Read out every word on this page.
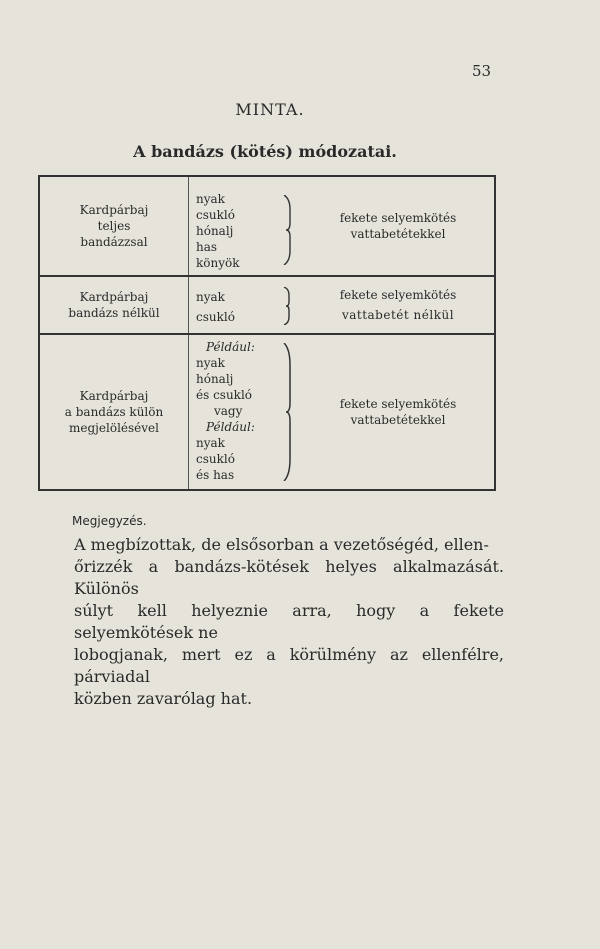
53
MINTA.
A bandázs (kötés) módozatai.
Kardpárbaj
teljes
bandázzsal
nyak
csukló
hónalj
has
könyök
fekete selyemkötés
vattabetétekkel
Kardpárbaj
bandázs nélkül
nyak
csukló
fekete selyemkötés
vattabetét nélkül
Kardpárbaj
a bandázs külön
megjelölésével
Például:
nyak
hónalj
és csukló
vagy
Például:
nyak
csukló
és has
fekete selyemkötés
vattabetétekkel
Megjegyzés.
A megbízottak, de elsősorban a vezetőségéd, ellen-
őrizzék a bandázs-kötések helyes alkalmazását. Különös
súlyt kell helyeznie arra, hogy a fekete selyemkötések ne
lobogjanak, mert ez a körülmény az ellenfélre, párviadal
közben zavarólag hat.
